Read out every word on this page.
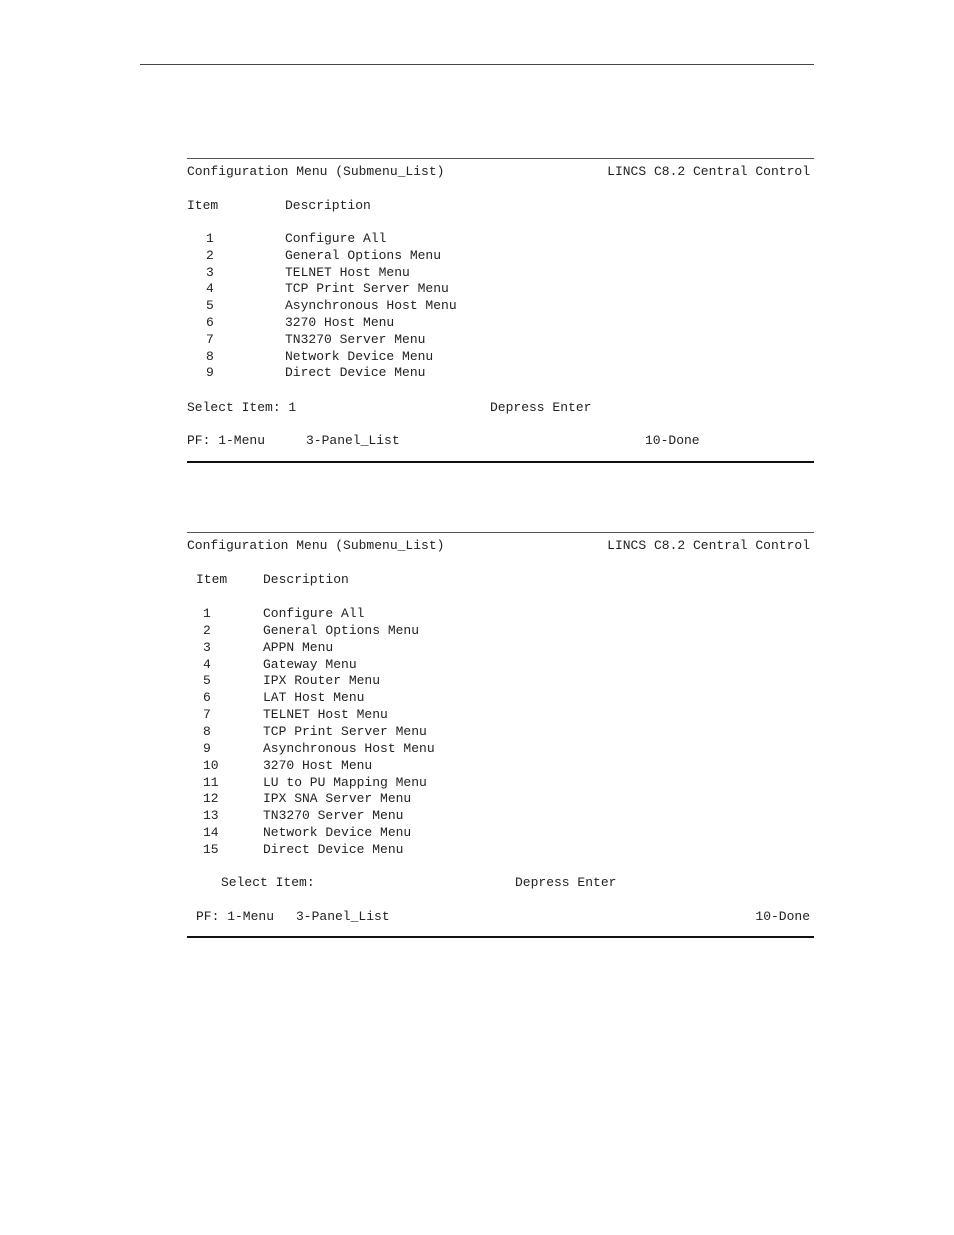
Configuration Menu (Submenu_List)	LINCS C8.2 Central Control
Item	Description
1	Configure All
2	General Options Menu
3	TELNET Host Menu
4	TCP Print Server Menu
5	Asynchronous Host Menu
6	3270 Host Menu
7	TN3270 Server Menu
8	Network Device Menu
9	Direct Device Menu
Select Item: 1	Depress Enter
PF: 1-Menu	3-Panel_List	10-Done
Configuration Menu (Submenu_List)	LINCS C8.2 Central Control
Item	Description
1	Configure All
2	General Options Menu
3	APPN Menu
4	Gateway Menu
5	IPX Router Menu
6	LAT Host Menu
7	TELNET Host Menu
8	TCP Print Server Menu
9	Asynchronous Host Menu
10	3270 Host Menu
11	LU to PU Mapping Menu
12	IPX SNA Server Menu
13	TN3270 Server Menu
14	Network Device Menu
15	Direct Device Menu
Select Item:	Depress Enter
PF: 1-Menu 3-Panel_List	10-Done
